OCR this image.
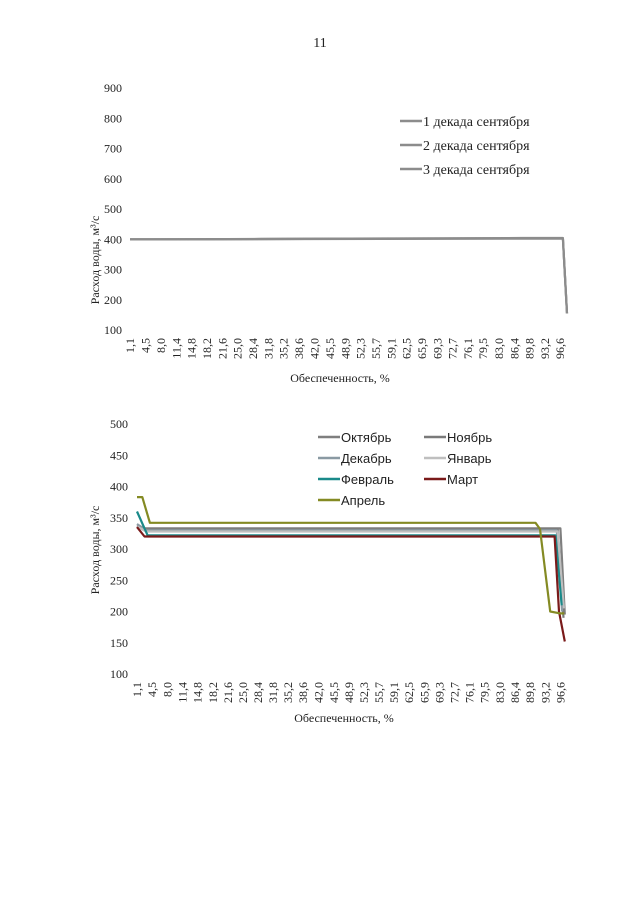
11
Расход воды, м³/с
Обеспеченность, %
100
200
300
400
500
600
700
800
900
1,1 4,5 8,0 11,4 14,8 18,2 21,6 25,0 28,4 31,8 35,2 38,6 42,0 45,5 48,9 52,3 55,7 59,1 62,5 65,9 69,3 72,7 76,1 79,5 83,0 86,4 89,8 93,2 96,6
1 декада сентября
2 декада сентября
3 декада сентября
Расход воды, м³/с
Обеспеченность, %
100
150
200
250
300
350
400
450
500
1,1 4,5 8,0 11,4 14,8 18,2 21,6 25,0 28,4 31,8 35,2 38,6 42,0 45,5 48,9 52,3 55,7 59,1 62,5 65,9 69,3 72,7 76,1 79,5 83,0 86,4 89,8 93,2 96,6
Октябрь	Ноябрь
Декабрь	Январь
Февраль	Март
Апрель
